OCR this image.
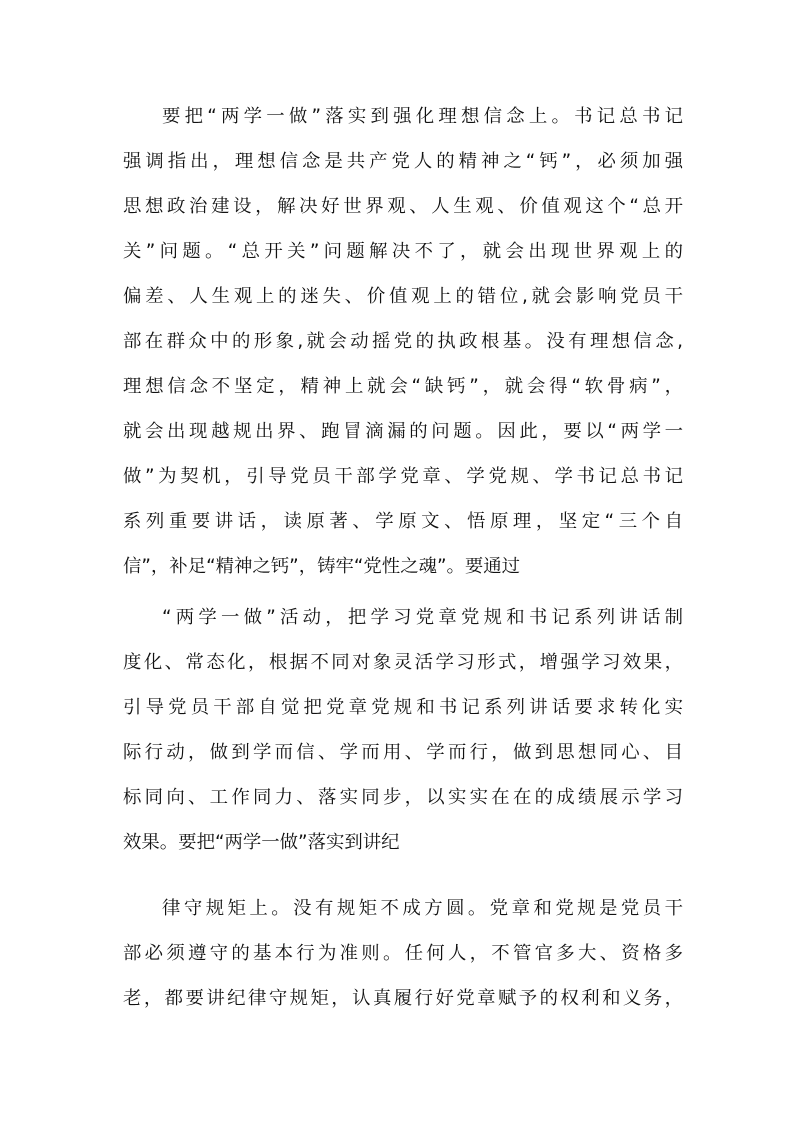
要把“两学一做”落实到强化理想信念上。书记总书记
强调指出，理想信念是共产党人的精神之“钙”，必须加强
思想政治建设，解决好世界观、人生观、价值观这个“总开
关”问题。“总开关”问题解决不了，就会出现世界观上的
偏差、人生观上的迷失、价值观上的错位,就会影响党员干
部在群众中的形象,就会动摇党的执政根基。没有理想信念,
理想信念不坚定，精神上就会“缺钙”，就会得“软骨病”，
就会出现越规出界、跑冒滴漏的问题。因此，要以“两学一
做”为契机，引导党员干部学党章、学党规、学书记总书记
系列重要讲话，读原著、学原文、悟原理，坚定“三个自
信”，补足“精神之钙”，铸牢“党性之魂”。要通过
“两学一做”活动，把学习党章党规和书记系列讲话制
度化、常态化，根据不同对象灵活学习形式，增强学习效果，
引导党员干部自觉把党章党规和书记系列讲话要求转化实
际行动，做到学而信、学而用、学而行，做到思想同心、目
标同向、工作同力、落实同步，以实实在在的成绩展示学习
效果。要把“两学一做”落实到讲纪
律守规矩上。没有规矩不成方圆。党章和党规是党员干
部必须遵守的基本行为准则。任何人，不管官多大、资格多
老，都要讲纪律守规矩，认真履行好党章赋予的权利和义务，
